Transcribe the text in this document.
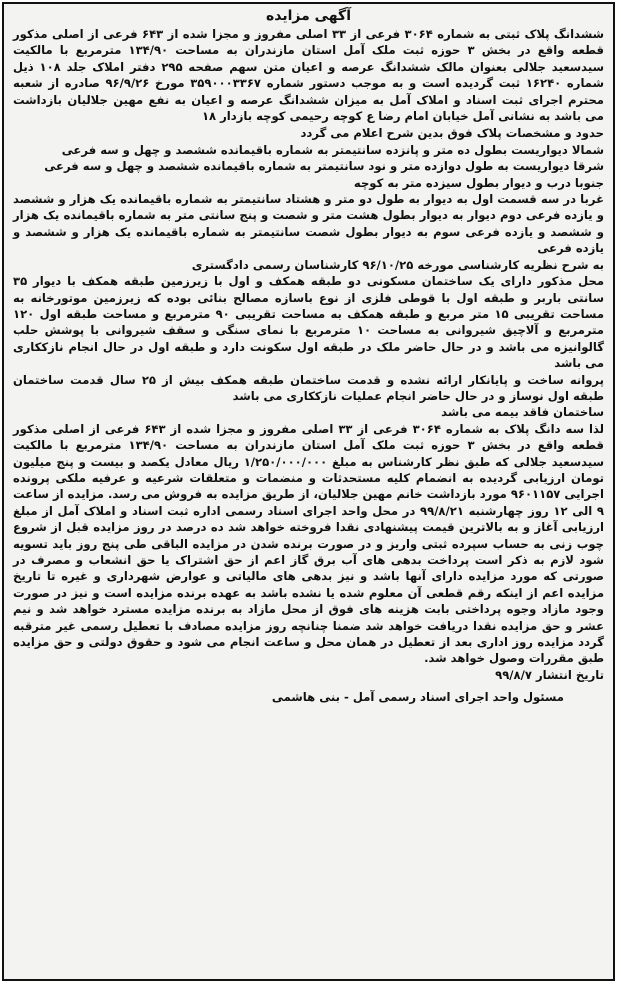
آگهی مزایده

ششدانگ پلاک ثبتی به شماره ۳۰۶۴ فرعی از ۳۳ اصلی مفروز و مجزا شده از ۶۴۳ فرعی از اصلی مذکور قطعه واقع در بخش ۳ حوزه ثبت ملک آمل استان مازندران به مساحت ۱۳۴/۹۰ مترمربع با مالکیت سیدسعید جلالی بعنوان مالک ششدانگ عرصه و اعیان متن سهم صفحه ۲۹۵ دفتر املاک جلد ۱۰۸ ذیل شماره ۱۶۲۴۰ ثبت گردیده است و به موجب دستور شماره ۳۵۹۰۰۰۳۳۶۷ مورخ ۹۶/۹/۲۶ صادره از شعبه محترم اجرای ثبت اسناد و املاک آمل به میزان ششدانگ عرصه و اعیان به نفع مهین جلالیان بازداشت می باشد به نشانی آمل خیابان امام رضا ع کوچه رحیمی کوچه بازدار ۱۸

حدود و مشخصات پلاک فوق بدین شرح اعلام می گردد

شمالا دیواریست بطول ده متر و پانزده سانتیمتر به شماره باقیمانده ششصد و چهل و سه فرعی

شرقا دیواریست به طول دوازده متر و نود سانتیمتر به شماره باقیمانده ششصد و چهل و سه فرعی

جنوبا درب و دیوار بطول سیزده متر به کوچه

غربا در سه قسمت اول به دیوار به طول دو متر و هشتاد سانتیمتر به شماره باقیمانده یک هزار و ششصد و یازده فرعی دوم دیوار به دیوار بطول هشت متر و شصت و پنج سانتی متر به شماره باقیمانده یک هزار و ششصد و یازده فرعی سوم به دیوار بطول شصت سانتیمتر به شماره باقیمانده یک هزار و ششصد و یازده فرعی

به شرح نظریه کارشناسی مورخه ۹۶/۱۰/۲۵ کارشناسان رسمی دادگستری

محل مذکور دارای یک ساختمان مسکونی دو طبقه همکف و اول با زیرزمین طبقه همکف با دیوار ۳۵ سانتی باربر و طبقه اول با قوطی فلزی از نوع باسازه مصالح بنائی بوده که زیرزمین موتورخانه به مساحت تقریبی ۱۵ متر مربع و طبقه همکف به مساحت تقریبی ۹۰ مترمربع و مساحت طبقه اول ۱۲۰ مترمربع و آلاچیق شیروانی به مساحت ۱۰ مترمربع با نمای سنگی و سقف شیروانی با پوشش حلب گالوانیزه می باشد و در حال حاضر ملک در طبقه اول سکونت دارد و طبقه اول در حال انجام نازککاری می باشد

پروانه ساخت و پایانکار ارائه نشده و قدمت ساختمان طبقه همکف بیش از ۲۵ سال قدمت ساختمان طبقه اول نوساز و در حال حاضر انجام عملیات نازککاری می باشد

ساختمان فاقد بیمه می باشد

لذا سه دانگ پلاک به شماره ۳۰۶۴ فرعی از ۳۳ اصلی مفروز و مجزا شده از ۶۴۳ فرعی از اصلی مذکور قطعه واقع در بخش ۳ حوزه ثبت ملک آمل استان مازندران به مساحت ۱۳۴/۹۰ مترمربع با مالکیت سیدسعید جلالی که طبق نظر کارشناس به مبلغ ۱/۲۵۰/۰۰۰/۰۰۰ ریال معادل یکصد و بیست و پنج میلیون تومان ارزیابی گردیده به انضمام کلیه مستحدثات و منضمات و متعلقات شرعیه و عرفیه ملکی پرونده اجرایی ۹۶۰۱۱۵۷ مورد بازداشت خانم مهین جلالیان، از طریق مزایده به فروش می رسد. مزایده از ساعت ۹ الی ۱۲ روز چهارشنبه ۹۹/۸/۲۱ در محل واحد اجرای اسناد رسمی اداره ثبت اسناد و املاک آمل از مبلغ ارزیابی آغاز و به بالاترین قیمت پیشنهادی نقدا فروخته خواهد شد ده درصد در روز مزایده قبل از شروع چوب زنی به حساب سپرده ثبتی واریز و در صورت برنده شدن در مزایده الباقی طی پنج روز باید تسویه شود لازم به ذکر است پرداخت بدهی های آب برق گاز اعم از حق اشتراک یا حق انشعاب و مصرف در صورتی که مورد مزایده دارای آنها باشد و نیز بدهی های مالیاتی و عوارض شهرداری و غیره تا تاریخ مزایده اعم از اینکه رقم قطعی آن معلوم شده یا نشده باشد به عهده برنده مزایده است و نیز در صورت وجود مازاد وجوه پرداختی بابت هزینه های فوق از محل مازاد به برنده مزایده مسترد خواهد شد و نیم عشر و حق مزایده نقدا دریافت خواهد شد ضمنا چنانچه روز مزایده مصادف با تعطیل رسمی غیر مترقبه گردد مزایده روز اداری بعد از تعطیل در همان محل و ساعت انجام می شود و حقوق دولتی و حق مزایده طبق مقررات وصول خواهد شد.

تاریخ انتشار ۹۹/۸/۷

مسئول واحد اجرای اسناد رسمی آمل - بنی هاشمی
